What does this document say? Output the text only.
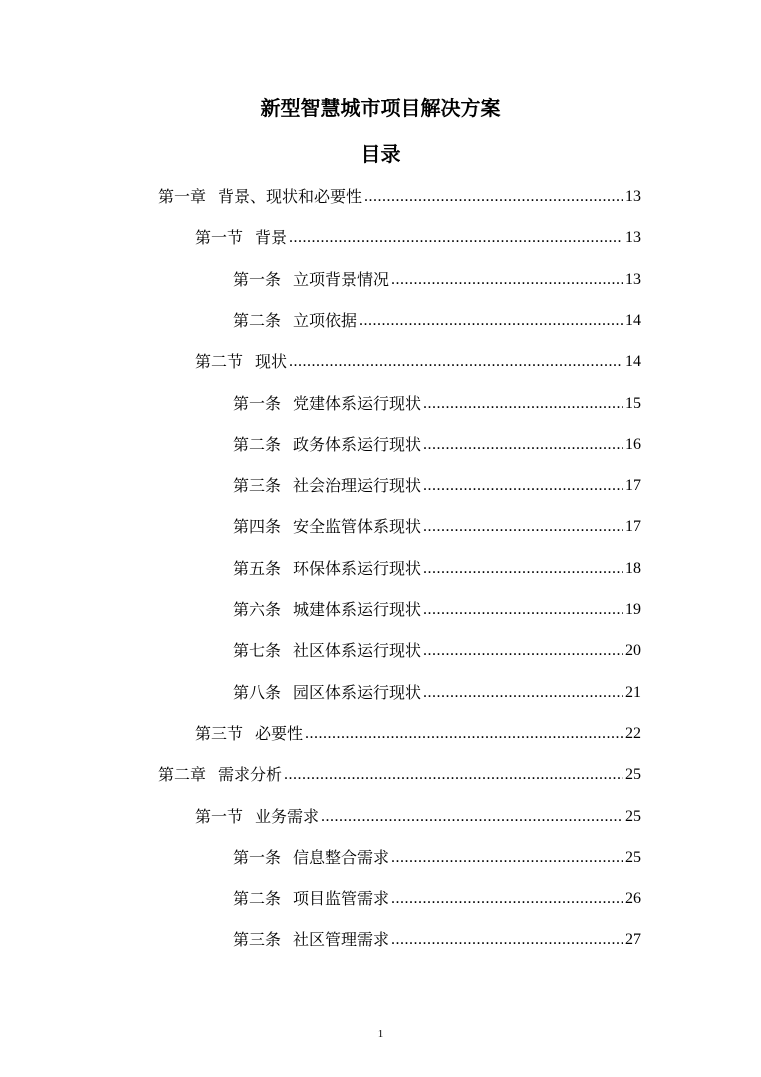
新型智慧城市项目解决方案
目录
第一章 背景、现状和必要性 .....	13
第一节 背景 .....	13
第一条 立项背景情况 .....	13
第二条 立项依据 .....	14
第二节 现状 .....	14
第一条 党建体系运行现状 .....	15
第二条 政务体系运行现状 .....	16
第三条 社会治理运行现状 .....	17
第四条 安全监管体系现状 .....	17
第五条 环保体系运行现状 .....	18
第六条 城建体系运行现状 .....	19
第七条 社区体系运行现状 .....	20
第八条 园区体系运行现状 .....	21
第三节 必要性 .....	22
第二章 需求分析 .....	25
第一节 业务需求 .....	25
第一条 信息整合需求 .....	25
第二条 项目监管需求 .....	26
第三条 社区管理需求 .....	27
1
